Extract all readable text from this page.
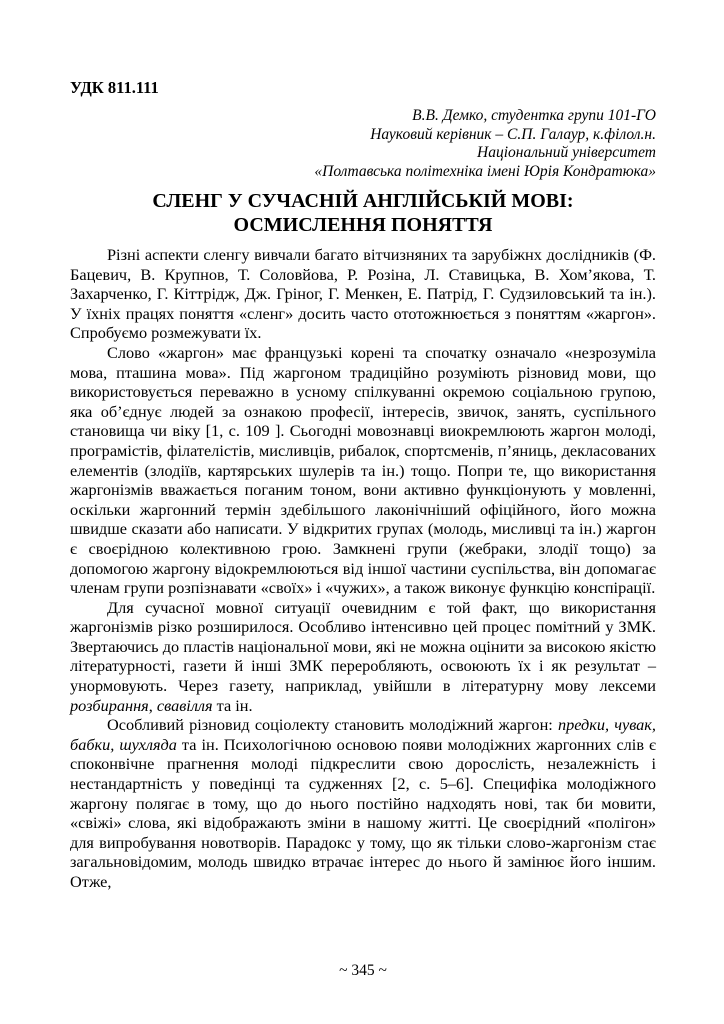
УДК 811.111
В.В. Демко, студентка групи 101-ГО
Науковий керівник – С.П. Галаур, к.філол.н.
Національний університет
«Полтавська політехніка імені Юрія Кондратюка»
СЛЕНГ У СУЧАСНІЙ АНГЛІЙСЬКІЙ МОВІ:
ОСМИСЛЕННЯ ПОНЯТТЯ

Різні аспекти сленгу вивчали багато вітчизняних та зарубіжнх дослідників (Ф. Бацевич, В. Крупнов, Т. Соловйова, Р. Розіна, Л. Ставицька, В. Хом’якова, Т. Захарченко, Г. Кіттрідж, Дж. Гріног, Г. Менкен, Е. Патрід, Г. Судзиловський та ін.). У їхніх працях поняття «сленг» досить часто ототожнюється з поняттям «жаргон». Спробуємо розмежувати їх.

Слово «жаргон» має французькі корені та спочатку означало «незрозуміла мова, пташина мова». Під жаргоном традиційно розуміють різновид мови, що використовується переважно в усному спілкуванні окремою соціальною групою, яка об’єднує людей за ознакою професії, інтересів, звичок, занять, суспільного становища чи віку [1, с. 109 ]. Сьогодні мовознавці виокремлюють жаргон молоді, програмістів, філателістів, мисливців, рибалок, спортсменів, п’яниць, декласованих елементів (злодіїв, картярських шулерів та ін.) тощо. Попри те, що використання жаргонізмів вважається поганим тоном, вони активно функціонують у мовленні, оскільки жаргонний термін здебільшого лаконічніший офіційного, його можна швидше сказати або написати. У відкритих групах (молодь, мисливці та ін.) жаргон є своєрідною колективною грою. Замкнені групи (жебраки, злодії тощо) за допомогою жаргону відокремлюються від іншої частини суспільства, він допомагає членам групи розпізнавати «своїх» і «чужих», а також виконує функцію конспірації.

Для сучасної мовної ситуації очевидним є той факт, що використання жаргонізмів різко розширилося. Особливо інтенсивно цей процес помітний у ЗМК. Звертаючись до пластів національної мови, які не можна оцінити за високою якістю літературності, газети й інші ЗМК переробляють, освоюють їх і як результат – унормовують. Через газету, наприклад, увійшли в літературну мову лексеми розбирання, свавілля та ін.

Особливий різновид соціолекту становить молодіжний жаргон: предки, чувак, бабки, шухляда та ін. Психологічною основою появи молодіжних жаргонних слів є споконвічне прагнення молоді підкреслити свою дорослість, незалежність і нестандартність у поведінці та судженнях [2, с. 5–6]. Специфіка молодіжного жаргону полягає в тому, що до нього постійно надходять нові, так би мовити, «свіжі» слова, які відображають зміни в нашому житті. Це своєрідний «полігон» для випробування новотворів. Парадокс у тому, що як тільки слово-жаргонізм стає загальновідомим, молодь швидко втрачає інтерес до нього й замінює його іншим. Отже,

~ 345 ~
